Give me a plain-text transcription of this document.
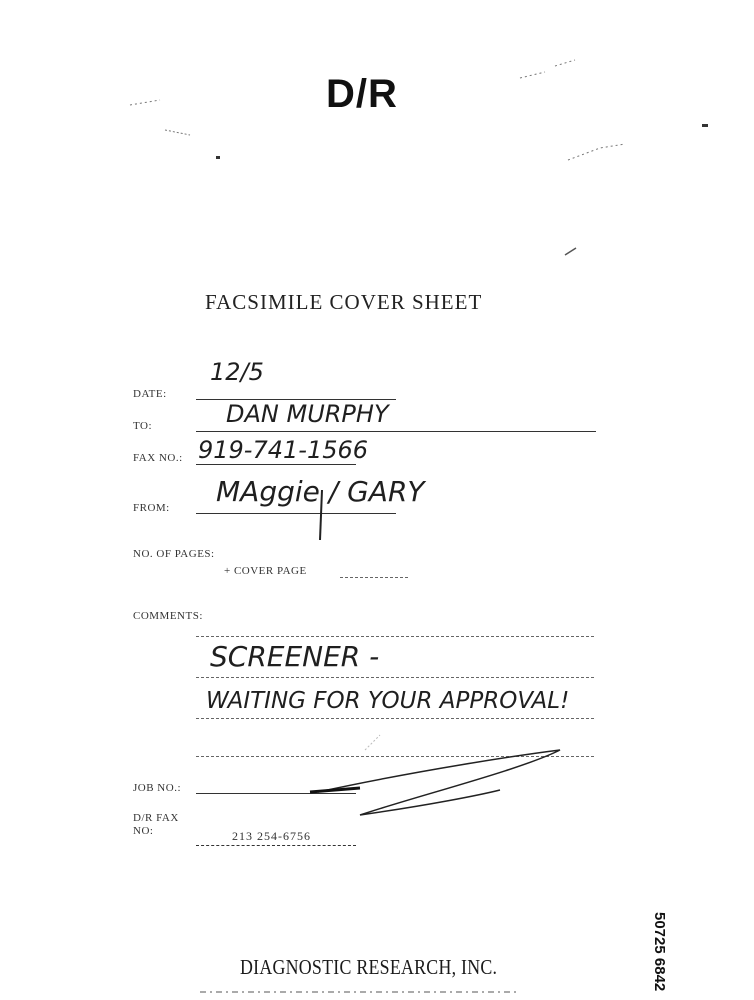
D/R
FACSIMILE COVER SHEET
DATE:
12/5
TO:	DAN MURPHY
FAX NO.: 919-741-1566
FROM: MAggie / GARY
NO. OF PAGES:
+ COVER PAGE
COMMENTS:
SCREENER -
WAITING FOR YOUR APPROVAL!
JOB NO.:
D/R FAX
NO:	213 254-6756
50725 6842
DIAGNOSTIC RESEARCH, INC.
